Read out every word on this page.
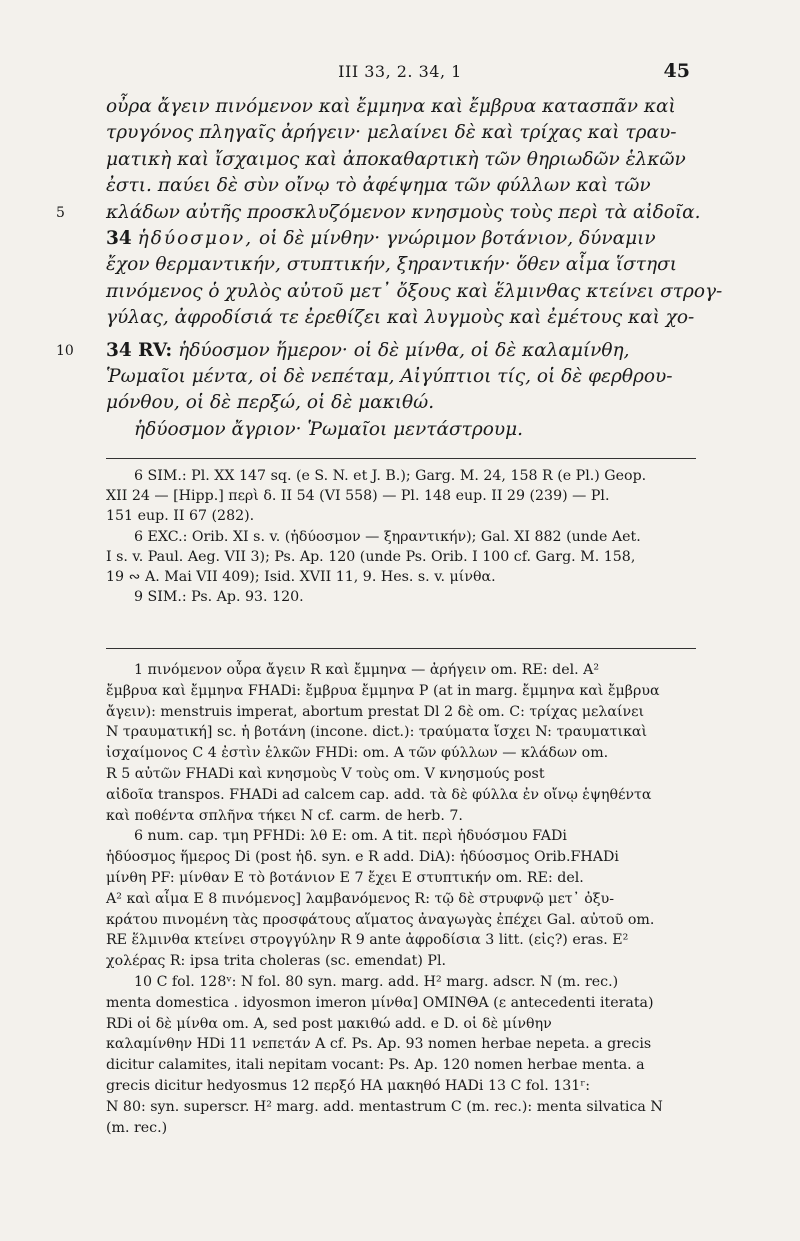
III 33, 2. 34, 1	45
οὖρα ἄγειν πινόμενον καὶ ἔμμηνα καὶ ἔμβρυα κατασπᾶν καὶ
τρυγόνος πληγαῖς ἀρήγειν· μελαίνει δὲ καὶ τρίχας καὶ τραυ-
ματικὴ καὶ ἴσχαιμος καὶ ἀποκαθαρτικὴ τῶν θηριωδῶν ἑλκῶν
ἐστι. παύει δὲ σὺν οἴνῳ τὸ ἀφέψημα τῶν φύλλων καὶ τῶν
5 κλάδων αὐτῆς προσκλυζόμενον κνησμοὺς τοὺς περὶ τὰ αἰδοῖα.
34 ἡδύοσμον, οἱ δὲ μίνθην· γνώριμον βοτάνιον, δύναμιν
ἔχον θερμαντικήν, στυπτικήν, ξηραντικήν· ὅθεν αἷμα ἵστησι
πινόμενος ὁ χυλὸς αὐτοῦ μετ᾿ ὄξους καὶ ἕλμινθας κτείνει στρογ-
γύλας, ἀφροδίσιά τε ἐρεθίζει καὶ λυγμοὺς καὶ ἐμέτους καὶ χο-
10 34 RV: ἡδύοσμον ἥμερον· οἱ δὲ μίνθα, οἱ δὲ καλαμίνθη,
Ῥωμαῖοι μέντα, οἱ δὲ νεπέταμ, Αἰγύπτιοι τίς, οἱ δὲ φερθρου-
μόνθου, οἱ δὲ περξώ, οἱ δὲ μακιθώ.
ἡδύοσμον ἄγριον· Ῥωμαῖοι μεντάστρουμ.
6 SIM.: Pl. XX 147 sq. (e S. N. et J. B.); Garg. M. 24, 158 R (e Pl.) Geop.
XII 24 — [Hipp.] περὶ δ. II 54 (VI 558) — Pl. 148 eup. II 29 (239) — Pl.
151 eup. II 67 (282).
6 EXC.: Orib. XI s. v. (ἡδύοσμον — ξηραντικήν); Gal. XI 882 (unde Aet.
I s. v. Paul. Aeg. VII 3); Ps. Ap. 120 (unde Ps. Orib. I 100 cf. Garg. M. 158,
19 ∾ A. Mai VII 409); Isid. XVII 11, 9. Hes. s. v. μίνθα.
9 SIM.: Ps. Ap. 93. 120.
1 πινόμενον οὖρα ἄγειν R καὶ ἔμμηνα — ἀρήγειν om. RE: del. A²
ἔμβρυα καὶ ἔμμηνα FHADi: ἔμβρυα ἔμμηνα P (at in marg. ἔμμηνα καὶ ἔμβρυα
ἄγειν): menstruis imperat, abortum prestat Dl 2 δὲ om. C: τρίχας μελαίνει
N τραυματική] sc. ἡ βοτάνη (incone. dict.): τραύματα ἴσχει N: τραυματικαὶ
ἰσχαίμονος C 4 ἐστὶν ἑλκῶν FHDi: om. A τῶν φύλλων — κλάδων om.
R 5 αὐτῶν FHADi καὶ κνησμοὺς V τοὺς om. V κνησμούς post
αἰδοῖα transpos. FHADi ad calcem cap. add. τὰ δὲ φύλλα ἐν οἴνῳ ἑψηθέντα
καὶ ποθέντα σπλῆνα τήκει N cf. carm. de herb. 7.
6 num. cap. τμη PFHDi: λθ E: om. A tit. περὶ ἡδυόσμου FADi
ἡδύοσμος ἥμερος Di (post ἡδ. syn. e R add. DiA): ἡδύοσμος Orib.FHADi
μίνθη PF: μίνθαν E τὸ βοτάνιον E 7 ἔχει E στυπτικήν om. RE: del.
A² καὶ αἷμα E 8 πινόμενος] λαμβανόμενος R: τῷ δὲ στρυφνῷ μετ᾿ ὀξυ-
κράτου πινομένη τὰς προσφάτους αἵματος ἀναγωγὰς ἐπέχει Gal. αὐτοῦ om.
RE ἕλμινθα κτείνει στρογγύλην R 9 ante ἀφροδίσια 3 litt. (εἰς?) eras. E²
χολέρας R: ipsa trita choleras (sc. emendat) Pl.
10 C fol. 128ᵛ: N fol. 80 syn. marg. add. H² marg. adscr. N (m. rec.)
menta domestica . idyosmon imeron μίνθα] ΟΜΙΝΘΑ (ε antecedenti iterata)
RDi οἱ δὲ μίνθα om. A, sed post μακιθώ add. e D. οἱ δὲ μίνθην
καλαμίνθην HDi 11 νεπετάν A cf. Ps. Ap. 93 nomen herbae nepeta. a grecis
dicitur calamites, itali nepitam vocant: Ps. Ap. 120 nomen herbae menta. a
grecis dicitur hedyosmus 12 περξό HA μακηθό HADi 13 C fol. 131ʳ:
N 80: syn. superscr. H² marg. add. mentastrum C (m. rec.): menta silvatica N
(m. rec.)
